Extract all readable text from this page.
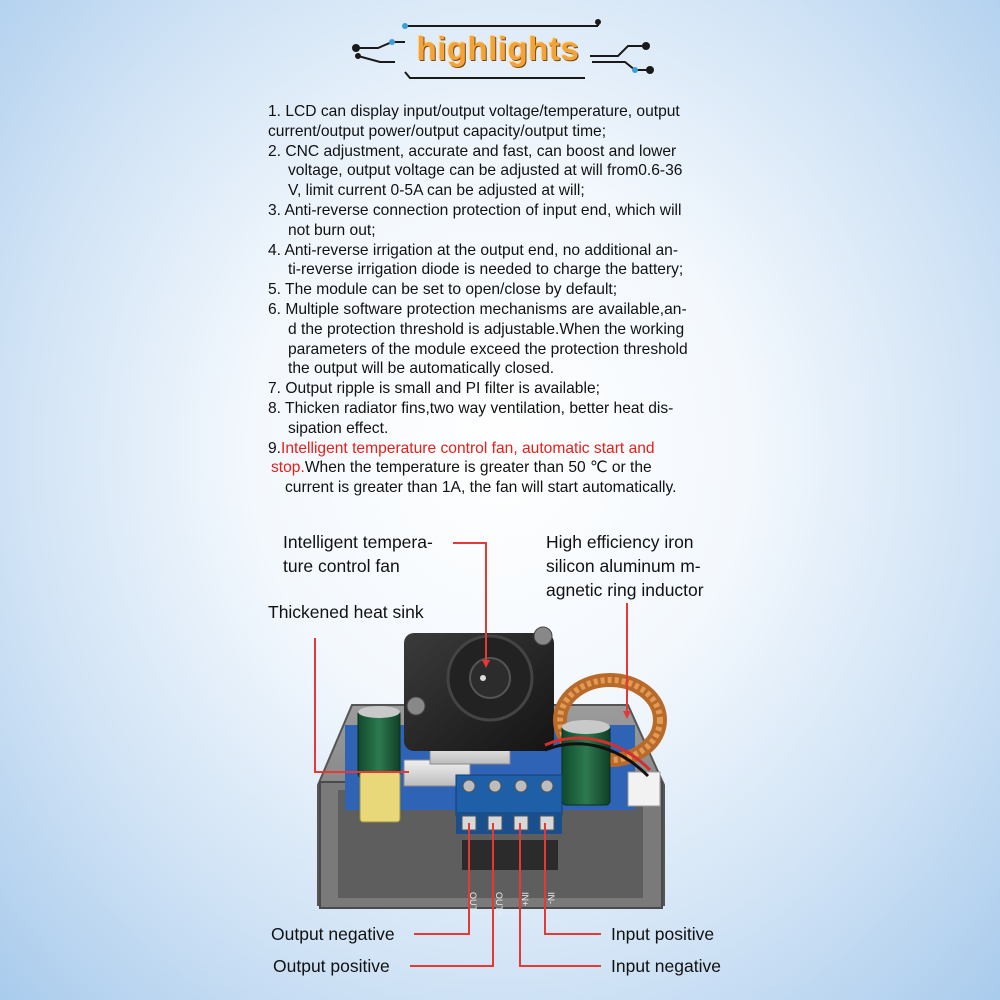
highlights
1. LCD can display input/output voltage/temperature, output
current/output power/output capacity/output time;
2. CNC adjustment, accurate and fast, can boost and lower
voltage, output voltage can be adjusted at will from0.6-36
V, limit current 0-5A can be adjusted at will;
3. Anti-reverse connection protection of input end, which will
not burn out;
4. Anti-reverse irrigation at the output end, no additional an-
ti-reverse irrigation diode is needed to charge the battery;
5. The module can be set to open/close by default;
6. Multiple software protection mechanisms are available,an-
d the protection threshold is adjustable.When the working
parameters of the module exceed the protection threshold
the output will be automatically closed.
7. Output ripple is small and PI filter is available;
8. Thicken radiator fins,two way ventilation, better heat dis-
sipation effect.
9.Intelligent temperature control fan, automatic start and
stop.When the temperature is greater than 50 ℃ or the
current is greater than 1A, the fan will start automatically.
OUT- OUT+ IN+ IN-
Intelligent tempera-
ture control fan
High efficiency iron
silicon aluminum m-
agnetic ring inductor
Thickened heat sink
Output negative
Output positive
Input positive
Input negative
